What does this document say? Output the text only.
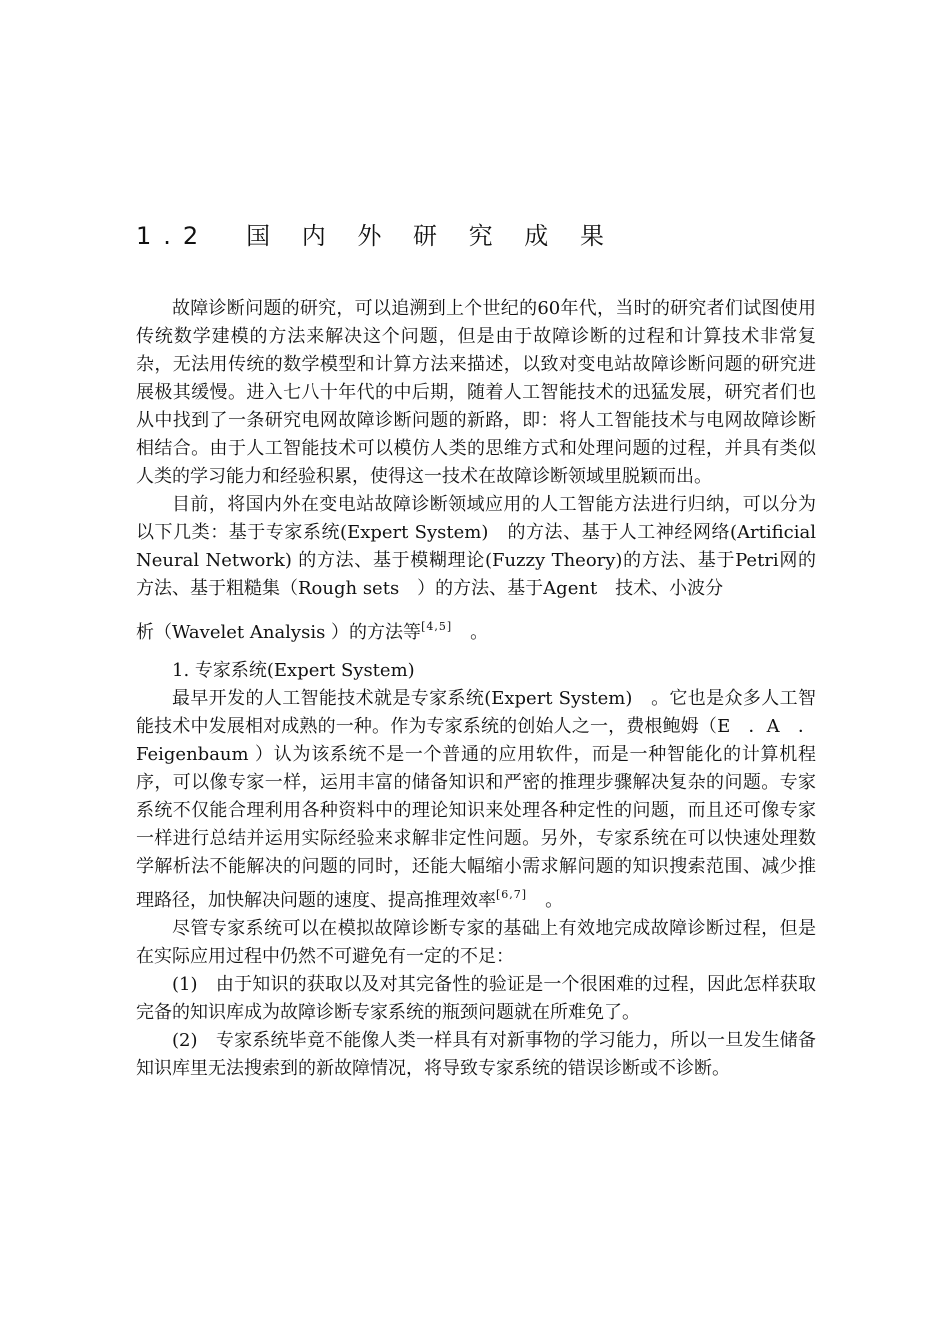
1.2　国 内 外 研 究 成 果

故障诊断问题的研究，可以追溯到上个世纪的60年代，当时的研究者们试图使用传统数学建模的方法来解决这个问题，但是由于故障诊断的过程和计算技术非常复杂，无法用传统的数学模型和计算方法来描述，以致对变电站故障诊断问题的研究进展极其缓慢。进入七八十年代的中后期，随着人工智能技术的迅猛发展，研究者们也从中找到了一条研究电网故障诊断问题的新路，即：将人工智能技术与电网故障诊断相结合。由于人工智能技术可以模仿人类的思维方式和处理问题的过程，并具有类似人类的学习能力和经验积累，使得这一技术在故障诊断领域里脱颖而出。

目前，将国内外在变电站故障诊断领域应用的人工智能方法进行归纳，可以分为以下几类：基于专家系统(Expert System)　的方法、基于人工神经网络(Artificial Neural Network) 的方法、基于模糊理论(Fuzzy Theory)的方法、基于Petri网的方法、基于粗糙集（Rough sets　）的方法、基于Agent　技术、小波分

析（Wavelet Analysis ）的方法等[4,5]　。

1. 专家系统(Expert System)

最早开发的人工智能技术就是专家系统(Expert System)　。它也是众多人工智能技术中发展相对成熟的一种。作为专家系统的创始人之一，费根鲍姆（E　．A　．Feigenbaum ）认为该系统不是一个普通的应用软件，而是一种智能化的计算机程序，可以像专家一样，运用丰富的储备知识和严密的推理步骤解决复杂的问题。专家系统不仅能合理利用各种资料中的理论知识来处理各种定性的问题，而且还可像专家一样进行总结并运用实际经验来求解非定性问题。另外，专家系统在可以快速处理数学解析法不能解决的问题的同时，还能大幅缩小需求解问题的知识搜索范围、减少推理路径，加快解决问题的速度、提高推理效率[6,7]　。

尽管专家系统可以在模拟故障诊断专家的基础上有效地完成故障诊断过程，但是在实际应用过程中仍然不可避免有一定的不足：

(1)　由于知识的获取以及对其完备性的验证是一个很困难的过程，因此怎样获取完备的知识库成为故障诊断专家系统的瓶颈问题就在所难免了。

(2)　专家系统毕竟不能像人类一样具有对新事物的学习能力，所以一旦发生储备知识库里无法搜索到的新故障情况，将导致专家系统的错误诊断或不诊断。
